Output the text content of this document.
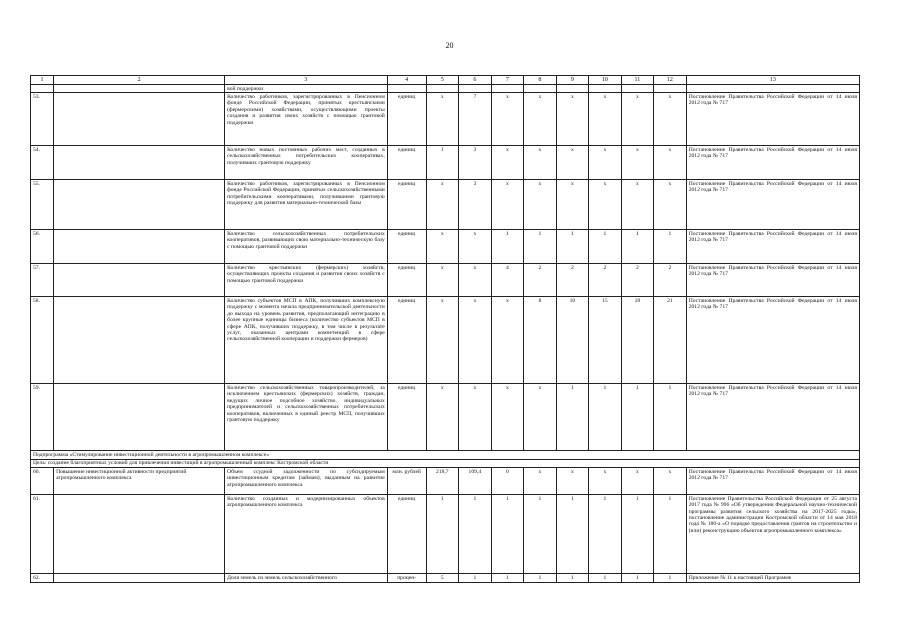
20
1	2	3	4	5	6	7	8	9	10	11	12	13
		вой поддержки										
53.		Количество работников, зарегистрированных в Пенсионном фонде Российской Федерации, принятых крестьянскими (фермерскими) хозяйствами, осуществляющими проекты создания и развития своих хозяйств с помощью грантовой поддержки	единиц	х	7	х	х	х	х	х	х	Постановление Правительства Российской Федерации от 14 июля 2012 года № 717
54.		Количество новых постоянных рабочих мест, созданных в сельскохозяйственных потребительских кооперативах, получивших грантовую поддержку	единиц	1	3	х	х	х	х	х	х	Постановление Правительства Российской Федерации от 14 июля 2012 года № 717
55.		Количество работников, зарегистрированных в Пенсионном фонде Российской Федерации, принятых сельскохозяйственными потребительскими кооперативами, получившими грантовую поддержку для развития материально-технической базы	единиц	х	3	х	х	х	х	х	х	Постановление Правительства Российской Федерации от 14 июля 2012 года № 717
56.		Количество сельскохозяйственных потребительских кооперативов, развивающих свою материально-техническую базу с помощью грантовой поддержки	единиц	х	х	1	1	1	1	1	1	Постановление Правительства Российской Федерации от 14 июля 2012 года № 717
57.		Количество крестьянских (фермерских) хозяйств, осуществляющих проекты создания и развития своих хозяйств с помощью грантовой поддержки	единиц	х	х	4	2	2	2	2	2	Постановление Правительства Российской Федерации от 14 июля 2012 года № 717
58.		Количество субъектов МСП в АПК, получивших комплексную поддержку с момента начала предпринимательской деятельности до выхода на уровень развития, предполагающий интеграцию в более крупные единицы бизнеса (количество субъектов МСП в сфере АПК, получивших поддержку, в том числе в результате услуг, оказанных центрами компетенций в сфере сельскохозяйственной кооперации и поддержки фермеров)	единиц	х	х	х	8	10	15	18	21	Постановление Правительства Российской Федерации от 14 июля 2012 года № 717
59.		Количество сельскохозяйственных товаропроизводителей, за исключением крестьянских (фермерских) хозяйств, граждан, ведущих личное подсобное хозяйство, индивидуальных предпринимателей и сельскохозяйственных потребительских кооперативов, включенных в единый реестр МСП, получивших грантовую поддержку	единиц	х	х	х	х	1	1	1	1	Постановление Правительства Российской Федерации от 14 июля 2012 года № 717
Подпрограмма «Стимулирование инвестиционной деятельности в агропромышленном комплексе»												
Цель: создание благоприятных условий для привлечения инвестиций в агропромышленный комплекс Костромской области												
60.	Повышение инвестиционной активности предприятий агропромышленного комплекса	Объем ссудной задолженности по субсидируемым инвестиционным кредитам (займам), выданным на развитие агропромышленного комплекса	млн. рублей	218,7	109,4	0	х	х	х	х	х	Постановление Правительства Российской Федерации от 14 июля 2012 года № 717
61.		Количество созданных и модернизированных объектов агропромышленного комплекса	единиц	1	1	1	1	1	1	1	1	Постановление Правительства Российской Федерации от 25 августа 2017 года № 996 «Об утверждении Федеральной научно-технической программы развития сельского хозяйства на 2017-2025 годы», постановление администрации Костромской области от 14 мая 2018 года № 180-а «О порядке предоставления грантов на строительство и (или) реконструкцию объектов агропромышленного комплекса»
62.		Доля земель из земель сельскохозяйственного	процен-	5	1	1	1	1	1	1	1	Приложение № 11 к настоящей Программе
